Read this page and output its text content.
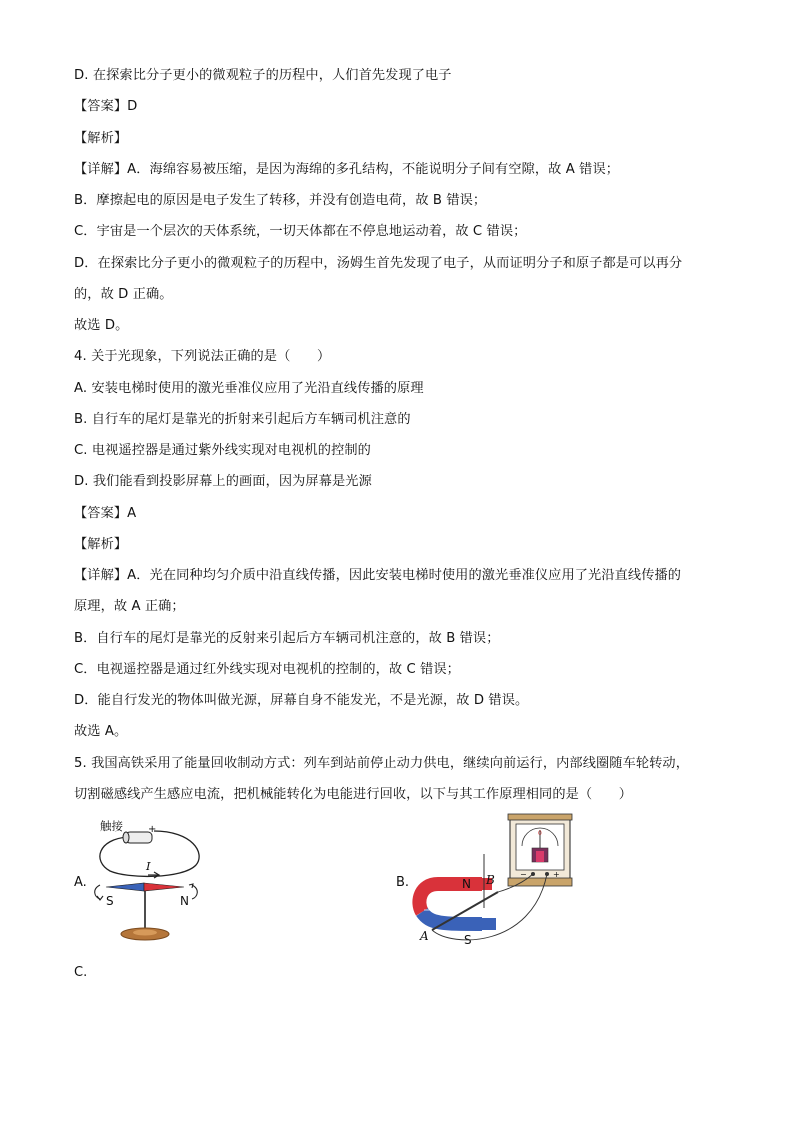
D. 在探索比分子更小的微观粒子的历程中，人们首先发现了电子
【答案】D
【解析】
【详解】A．海绵容易被压缩，是因为海绵的多孔结构，不能说明分子间有空隙，故 A 错误；
B．摩擦起电的原因是电子发生了转移，并没有创造电荷，故 B 错误；
C．宇宙是一个层次的天体系统，一切天体都在不停息地运动着，故 C 错误；
D．在探索比分子更小的微观粒子的历程中，汤姆生首先发现了电子，从而证明分子和原子都是可以再分
的，故 D 正确。
故选 D。
4. 关于光现象，下列说法正确的是（　　）
A. 安装电梯时使用的激光垂准仪应用了光沿直线传播的原理
B. 自行车的尾灯是靠光的折射来引起后方车辆司机注意的
C. 电视遥控器是通过紫外线实现对电视机的控制的
D. 我们能看到投影屏幕上的画面，因为屏幕是光源
【答案】A
【解析】
【详解】A．光在同种均匀介质中沿直线传播，因此安装电梯时使用的激光垂准仪应用了光沿直线传播的
原理，故 A 正确；
B．自行车的尾灯是靠光的反射来引起后方车辆司机注意的，故 B 错误；
C．电视遥控器是通过红外线实现对电视机的控制的，故 C 错误；
D．能自行发光的物体叫做光源，屏幕自身不能发光，不是光源，故 D 错误。
故选 A。
5. 我国高铁采用了能量回收制动方式：列车到站前停止动力供电，继续向前运行，内部线圈随车轮转动，
切割磁感线产生感应电流，把机械能转化为电能进行回收，以下与其工作原理相同的是（　　）
A.	B.
C.
触接	+
I
S	N
0
−	+
N
S
A
B
